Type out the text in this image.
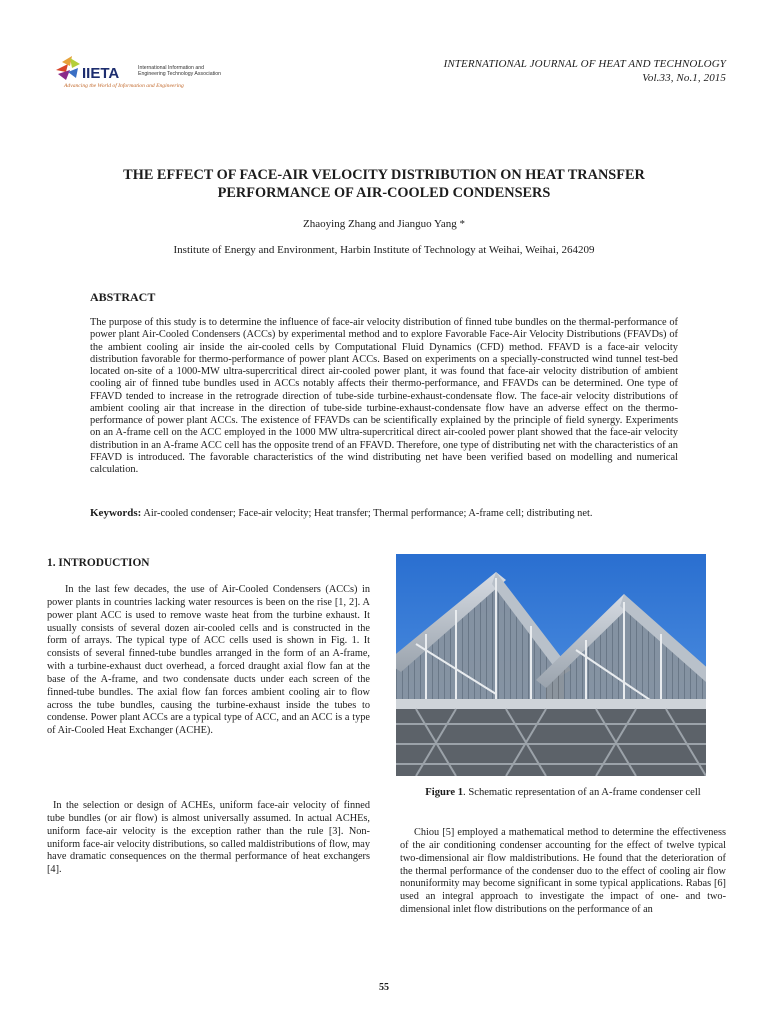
IIETA	International Information and
Engineering Technology Association
Advancing the World of Information and Engineering
INTERNATIONAL JOURNAL OF HEAT AND TECHNOLOGY
Vol.33, No.1, 2015
THE EFFECT OF FACE-AIR VELOCITY DISTRIBUTION ON HEAT TRANSFER
PERFORMANCE OF AIR-COOLED CONDENSERS
Zhaoying Zhang and Jianguo Yang *
Institute of Energy and Environment, Harbin Institute of Technology at Weihai, Weihai, 264209
ABSTRACT
The purpose of this study is to determine the influence of face-air velocity distribution of finned tube bundles on the thermal-performance of power plant Air-Cooled Condensers (ACCs) by experimental method and to explore Favorable Face-Air Velocity Distributions (FFAVDs) of the ambient cooling air inside the air-cooled cells by Computational Fluid Dynamics (CFD) method. FFAVD is a face-air velocity distribution favorable for thermo-performance of power plant ACCs. Based on experiments on a specially-constructed wind tunnel test-bed located on-site of a 1000-MW ultra-supercritical direct air-cooled power plant, it was found that face-air velocity distribution of ambient cooling air of finned tube bundles used in ACCs notably affects their thermo-performance, and FFAVDs can be determined. One type of FFAVD tended to increase in the retrograde direction of tube-side turbine-exhaust-condensate flow. The face-air velocity distributions of ambient cooling air that increase in the direction of tube-side turbine-exhaust-condensate flow have an adverse effect on the thermo-performance of power plant ACCs. The existence of FFAVDs can be scientifically explained by the principle of field synergy. Experiments on an A-frame cell on the ACC employed in the 1000 MW ultra-supercritical direct air-cooled power plant showed that the face-air velocity distribution in an A-frame ACC cell has the opposite trend of an FFAVD. Therefore, one type of distributing net with the characteristics of an FFAVD is introduced. The favorable characteristics of the wind distributing net have been verified based on modelling and numerical calculation.
Keywords: Air-cooled condenser; Face-air velocity; Heat transfer; Thermal performance; A-frame cell; distributing net.
1. INTRODUCTION

In the last few decades, the use of Air-Cooled Condensers (ACCs) in power plants in countries lacking water resources is been on the rise [1, 2]. A power plant ACC is used to remove waste heat from the turbine exhaust. It usually consists of several dozen air-cooled cells and is constructed in the form of arrays. The typical type of ACC cells used is shown in Fig. 1. It consists of several finned-tube bundles arranged in the form of an A-frame, with a turbine-exhaust duct overhead, a forced draught axial flow fan at the base of the A-frame, and two condensate ducts under each screen of the finned-tube bundles. The axial flow fan forces ambient cooling air to flow across the tube bundles, causing the turbine-exhaust inside the tubes to condense. Power plant ACCs are a typical type of ACC, and an ACC is a type of Air-Cooled Heat Exchanger (ACHE).

In the selection or design of ACHEs, uniform face-air velocity of finned tube bundles (or air flow) is almost universally assumed. In actual ACHEs, uniform face-air velocity is the exception rather than the rule [3]. Non-uniform face-air velocity distributions, so called maldistributions of flow, may have dramatic consequences on the thermal performance of heat exchangers [4].

Figure 1. Schematic representation of an A-frame condenser cell

Chiou [5] employed a mathematical method to determine the effectiveness of the air conditioning condenser accounting for the effect of twelve typical two-dimensional air flow maldistributions. He found that the deterioration of the thermal performance of the condenser duo to the effect of cooling air flow nonuniformity may become significant in some typical applications. Rabas [6] used an integral approach to investigate the impact of one- and two-dimensional inlet flow distributions on the performance of an

55
